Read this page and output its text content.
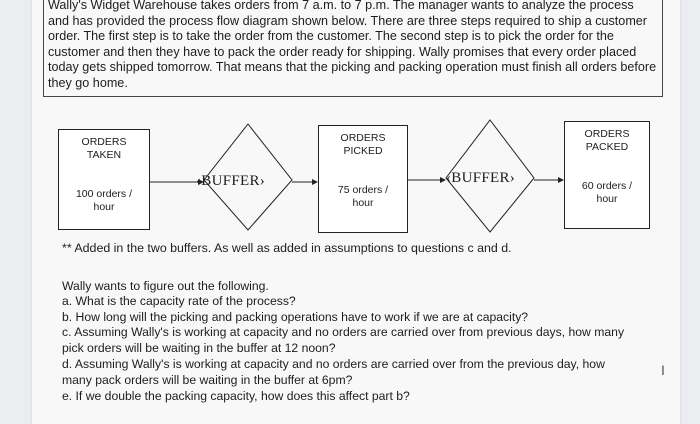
Wally's Widget Warehouse takes orders from 7 a.m. to 7 p.m. The manager wants to analyze the process and has provided the process flow diagram shown below. There are three steps required to ship a customer order. The first step is to take the order from the customer. The second step is to pick the order for the customer and then they have to pack the order ready for shipping. Wally promises that every order placed today gets shipped tomorrow. That means that the picking and packing operation must finish all orders before they go home.
ORDERS
TAKEN
100 orders /
hour
ORDERS
PICKED
75 orders /
hour
ORDERS
PACKED
60 orders /
hour
‹BUFFER›	‹BUFFER›
** Added in the two buffers. As well as added in assumptions to questions c and d.
Wally wants to figure out the following.
a. What is the capacity rate of the process?
b. How long will the picking and packing operations have to work if we are at capacity?
c. Assuming Wally's is working at capacity and no orders are carried over from previous days, how many
pick orders will be waiting in the buffer at 12 noon?
d. Assuming Wally's is working at capacity and no orders are carried over from the previous day, how
many pack orders will be waiting in the buffer at 6pm?
e. If we double the packing capacity, how does this affect part b?
I
